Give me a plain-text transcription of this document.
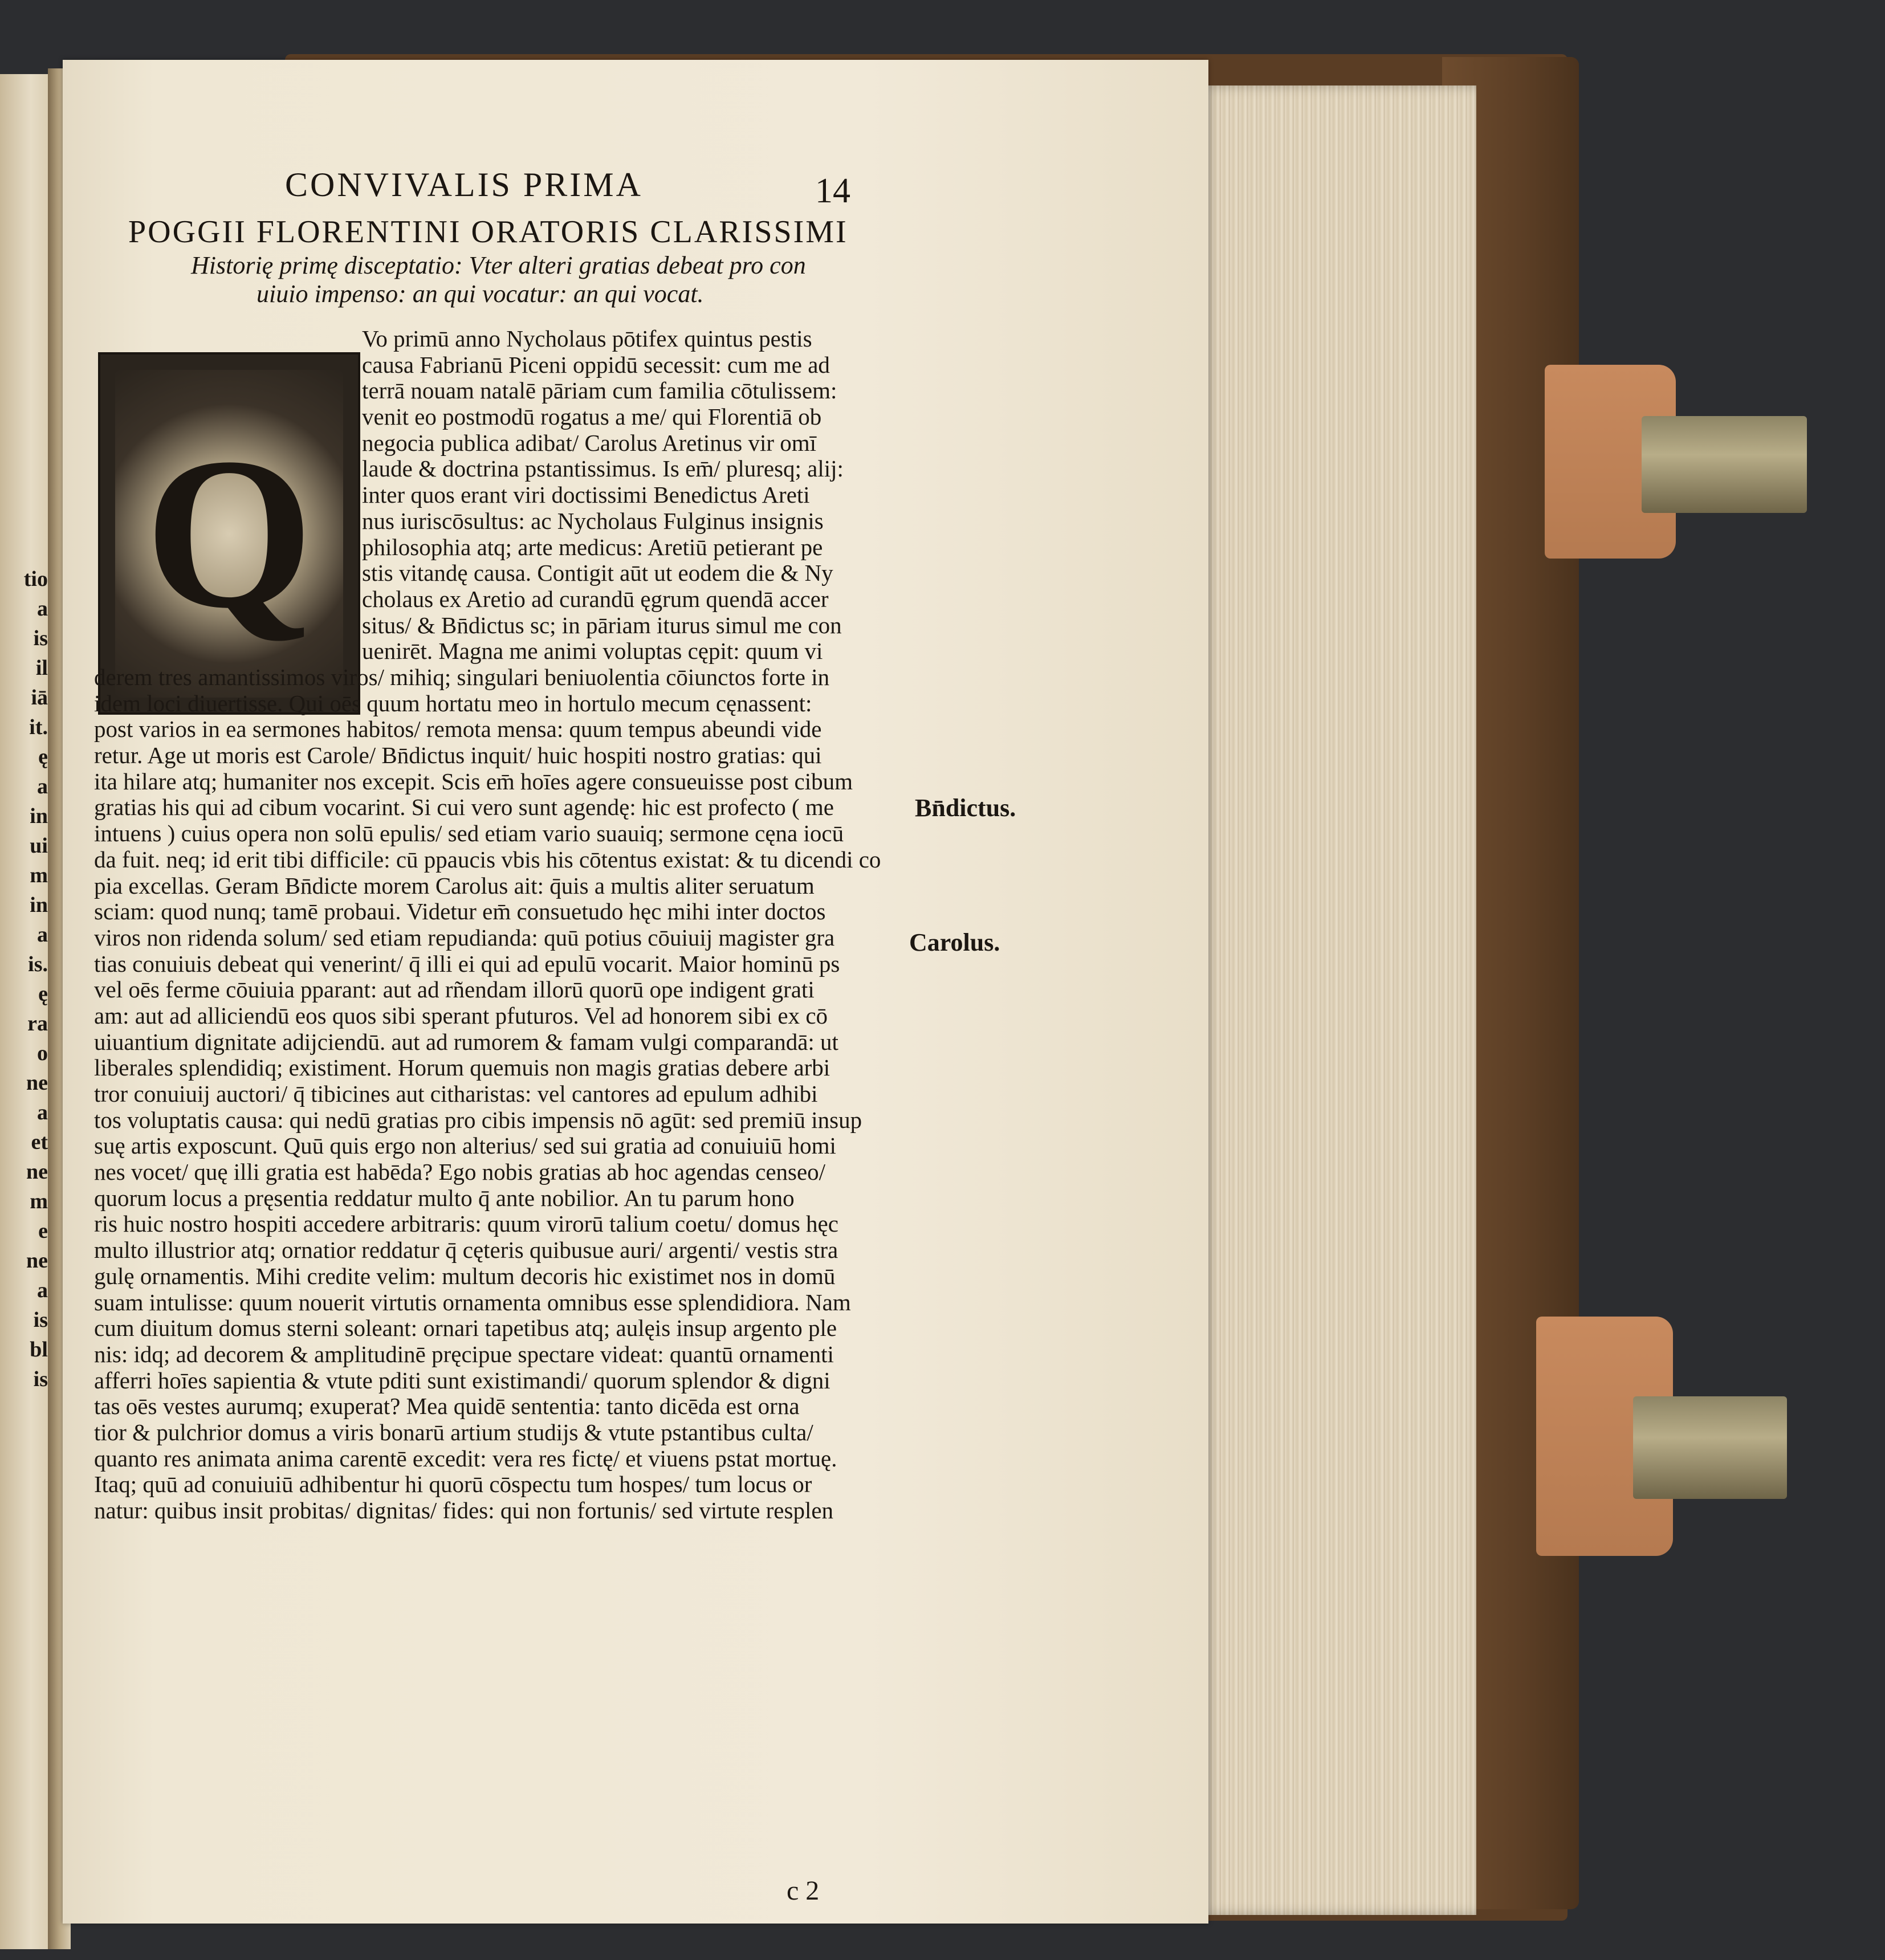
tio
a
is
il
iā
it.
ę
a
in
ui
m
in
a
is.
ę
ra
o
ne
a
et
ne
m
e
ne
a
is
bl
is
CONVIVALIS PRIMA	14
POGGII FLORENTINI ORATORIS CLARISSIMI
Historię primę disceptatio: Vter alteri gratias debeat pro con
uiuio impenso: an qui vocatur: an qui vocat.
Q
Vo primū anno Nycholaus pōtifex quintus pestis
causa Fabrianū Piceni oppidū secessit: cum me ad
terrā nouam natalē pāriam cum familia cōtulissem:
venit eo postmodū rogatus a me/ qui Florentiā ob
negocia publica adibat/ Carolus Aretinus vir omī
laude & doctrina pstantissimus. Is em̄/ pluresq; alij:
inter quos erant viri doctissimi Benedictus Areti
nus iuriscōsultus: ac Nycholaus Fulginus insignis
philosophia atq; arte medicus: Aretiū petierant pe
stis vitandę causa. Contigit aūt ut eodem die & Ny
cholaus ex Aretio ad curandū ęgrum quendā accer
situs/ & Bn̄dictus sc; in pāriam iturus simul me con
uenirēt. Magna me animi voluptas cępit: quum vi
derem tres amantissimos viros/ mihiq; singulari beniuolentia cōiunctos forte in
idem loci diuertisse. Qui oēs quum hortatu meo in hortulo mecum cęnassent:
post varios in ea sermones habitos/ remota mensa: quum tempus abeundi vide
retur. Age ut moris est Carole/ Bn̄dictus inquit/ huic hospiti nostro gratias: qui
ita hilare atq; humaniter nos excepit. Scis em̄ hoīes agere consueuisse post cibum
gratias his qui ad cibum vocarint. Si cui vero sunt agendę: hic est profecto ( me
intuens ) cuius opera non solū epulis/ sed etiam vario suauiq; sermone cęna iocū
da fuit. neq; id erit tibi difficile: cū ppaucis vbis his cōtentus existat: & tu dicendi co
pia excellas. Geram Bn̄dicte morem Carolus ait: q̄uis a multis aliter seruatum
sciam: quod nunq; tamē probaui. Videtur em̄ consuetudo hęc mihi inter doctos
viros non ridenda solum/ sed etiam repudianda: quū potius cōuiuij magister gra
tias conuiuis debeat qui venerint/ q̄ illi ei qui ad epulū vocarit. Maior hominū ps
vel oēs ferme cōuiuia pparant: aut ad rñendam illorū quorū ope indigent grati
am: aut ad alliciendū eos quos sibi sperant pfuturos. Vel ad honorem sibi ex cō
uiuantium dignitate adijciendū. aut ad rumorem & famam vulgi comparandā: ut
liberales splendidiq; existiment. Horum quemuis non magis gratias debere arbi
tror conuiuij auctori/ q̄ tibicines aut citharistas: vel cantores ad epulum adhibi
tos voluptatis causa: qui nedū gratias pro cibis impensis nō agūt: sed premiū insup
suę artis exposcunt. Quū quis ergo non alterius/ sed sui gratia ad conuiuiū homi
nes vocet/ quę illi gratia est habēda? Ego nobis gratias ab hoc agendas censeo/
quorum locus a pręsentia reddatur multo q̄ ante nobilior. An tu parum hono
ris huic nostro hospiti accedere arbitraris: quum virorū talium coetu/ domus hęc
multo illustrior atq; ornatior reddatur q̄ cęteris quibusue auri/ argenti/ vestis stra
gulę ornamentis. Mihi credite velim: multum decoris hic existimet nos in domū
suam intulisse: quum nouerit virtutis ornamenta omnibus esse splendidiora. Nam
cum diuitum domus sterni soleant: ornari tapetibus atq; aulęis insup argento ple
nis: idq; ad decorem & amplitudinē pręcipue spectare videat: quantū ornamenti
afferri hoīes sapientia & vtute pditi sunt existimandi/ quorum splendor & digni
tas oēs vestes aurumq; exuperat? Mea quidē sententia: tanto dicēda est orna
tior & pulchrior domus a viris bonarū artium studijs & vtute pstantibus culta/
quanto res animata anima carentē excedit: vera res fictę/ et viuens pstat mortuę.
Itaq; quū ad conuiuiū adhibentur hi quorū cōspectu tum hospes/ tum locus or
natur: quibus insit probitas/ dignitas/ fides: qui non fortunis/ sed virtute resplen
Bn̄dictus.
Carolus.
c 2
